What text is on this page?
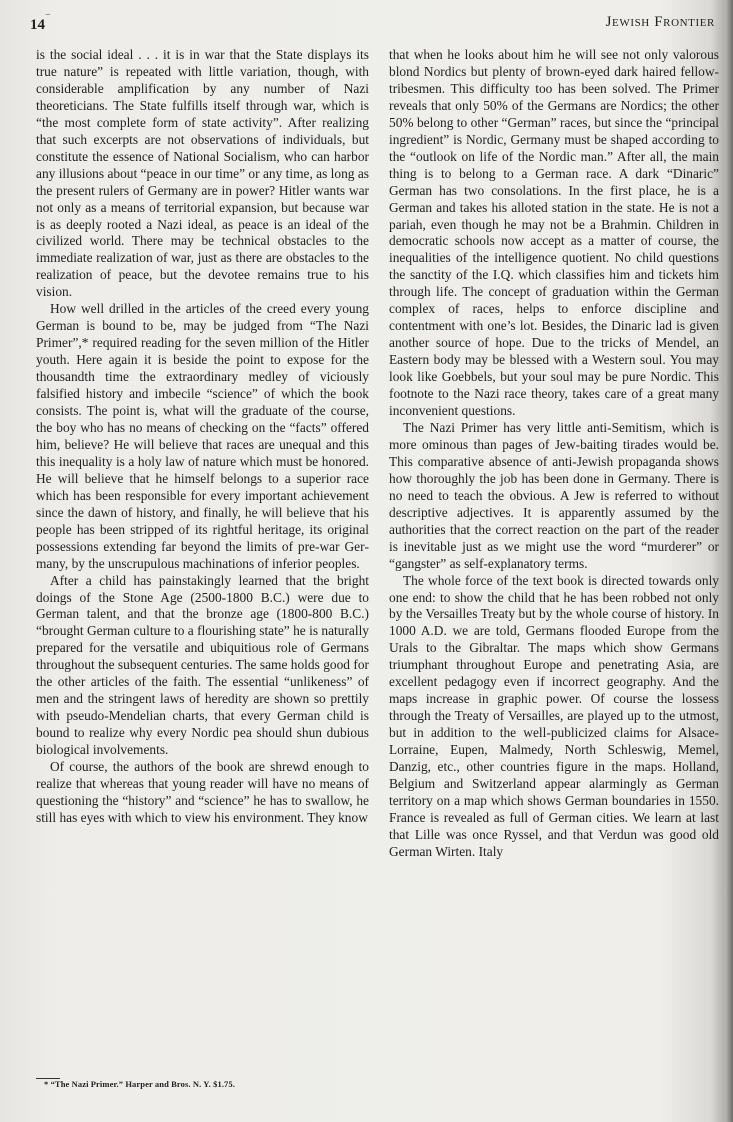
14 ‾	Jewish Frontier

is the social ideal . . . it is in war that the State displays its true nature” is repeated with little variation, though, with considerable amplification by any number of Nazi theoreticians. The State fulfills itself through war, which is “the most complete form of state activity”. After realizing that such excerpts are not observations of individuals, but constitute the essence of National Socialism, who can harbor any illusions about “peace in our time” or any time, as long as the present rulers of Germany are in power? Hitler wants war not only as a means of territorial expansion, but because war is as deeply rooted a Nazi ideal, as peace is an ideal of the civilized world. There may be technical obstacles to the immediate realization of war, just as there are obstacles to the realization of peace, but the devotee remains true to his vision.

How well drilled in the articles of the creed every young German is bound to be, may be judged from “The Nazi Primer”,* required reading for the seven million of the Hitler youth. Here again it is beside the point to expose for the thousandth time the extraordinary medley of viciously falsified history and imbecile “science” of which the book consists. The point is, what will the graduate of the course, the boy who has no means of checking on the “facts” offered him, believe? He will believe that races are unequal and this this inequality is a holy law of nature which must be honored. He will believe that he himself belongs to a superior race which has been responsible for every important achievement since the dawn of history, and finally, he will believe that his people has been stripped of its rightful heritage, its original possessions extending far beyond the limits of pre-war Germany, by the unscrupulous machinations of inferior peoples.

After a child has painstakingly learned that the bright doings of the Stone Age (2500-1800 B.C.) were due to German talent, and that the bronze age (1800-800 B.C.) “brought German culture to a flourishing state” he is naturally prepared for the versatile and ubiquitious role of Germans throughout the subsequent centuries. The same holds good for the other articles of the faith. The essential “unlikeness” of men and the stringent laws of heredity are shown so prettily with pseudo-Mendelian charts, that every German child is bound to realize why every Nordic pea should shun dubious biological involvements.

Of course, the authors of the book are shrewd enough to realize that whereas that young reader will have no means of questioning the “history” and “science” he has to swallow, he still has eyes with which to view his environment. They know

that when he looks about him he will see not only valorous blond Nordics but plenty of brown-eyed dark haired fellow-tribesmen. This difficulty too has been solved. The Primer reveals that only 50% of the Germans are Nordics; the other 50% belong to other “German” races, but since the “principal ingredient” is Nordic, Germany must be shaped according to the “outlook on life of the Nordic man.” After all, the main thing is to belong to a German race. A dark “Dinaric” German has two consolations. In the first place, he is a German and takes his alloted station in the state. He is not a pariah, even though he may not be a Brahmin. Children in democratic schools now accept as a matter of course, the inequalities of the intelligence quotient. No child questions the sanctity of the I.Q. which classifies him and tickets him through life. The concept of graduation within the German complex of races, helps to enforce discipline and contentment with one’s lot. Besides, the Dinaric lad is given another source of hope. Due to the tricks of Mendel, an Eastern body may be blessed with a Western soul. You may look like Goebbels, but your soul may be pure Nordic. This footnote to the Nazi race theory, takes care of a great many inconvenient questions.

The Nazi Primer has very little anti-Semitism, which is more ominous than pages of Jew-baiting tirades would be. This comparative absence of anti-Jewish propaganda shows how thoroughly the job has been done in Germany. There is no need to teach the obvious. A Jew is referred to without descriptive adjectives. It is apparently assumed by the authorities that the correct reaction on the part of the reader is inevitable just as we might use the word “murderer” or “gangster” as self-explanatory terms.

The whole force of the text book is directed towards only one end: to show the child that he has been robbed not only by the Versailles Treaty but by the whole course of history. In 1000 A.D. we are told, Germans flooded Europe from the Urals to the Gibraltar. The maps which show Germans triumphant throughout Europe and penetrating Asia, are excellent pedagogy even if incorrect geography. And the maps increase in graphic power. Of course the lossess through the Treaty of Versailles, are played up to the utmost, but in addition to the well-publicized claims for Alsace-Lorraine, Eupen, Malmedy, North Schleswig, Memel, Danzig, etc., other countries figure in the maps. Holland, Belgium and Switzerland appear alarmingly as German territory on a map which shows German boundaries in 1550. France is revealed as full of German cities. We learn at last that Lille was once Ryssel, and that Verdun was good old German Wirten. Italy

* “The Nazi Primer.” Harper and Bros. N. Y. $1.75.
